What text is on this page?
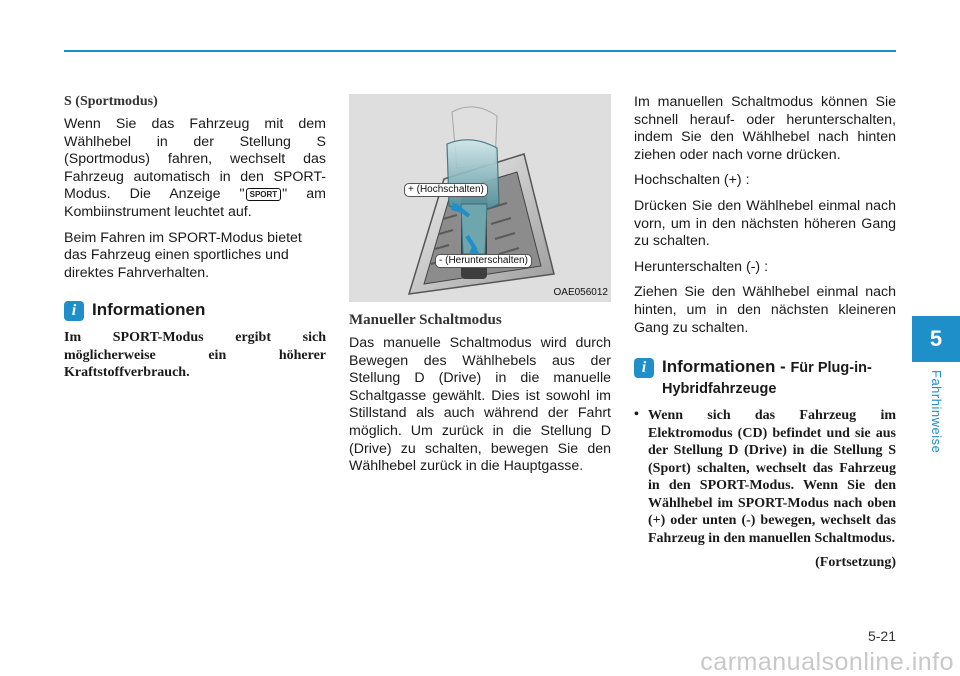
5
Fahrhinweise
S (Sportmodus)

Wenn Sie das Fahrzeug mit dem Wählhebel in der Stellung S (Sportmodus) fahren, wechselt das Fahrzeug automatisch in den SPORT-Modus. Die Anzeige " SPORT " am Kombiinstrument leuchtet auf.

Beim Fahren im SPORT-Modus bietet das Fahrzeug einen sportliches und direktes Fahrverhalten.

i Informationen
Im SPORT-Modus ergibt sich möglicherweise ein höherer Kraftstoffverbrauch.
+ (Hochschalten)
- (Herunterschalten)
OAE056012
Manueller Schaltmodus

Das manuelle Schaltmodus wird durch Bewegen des Wählhebels aus der Stellung D (Drive) in die manuelle Schaltgasse gewählt. Dies ist sowohl im Stillstand als auch während der Fahrt möglich. Um zurück in die Stellung D (Drive) zu schalten, bewegen Sie den Wählhebel zurück in die Hauptgasse.

Im manuellen Schaltmodus können Sie schnell herauf- oder herunterschalten, indem Sie den Wählhebel nach hinten ziehen oder nach vorne drücken.

Hochschalten (+) :

Drücken Sie den Wählhebel einmal nach vorn, um in den nächsten höheren Gang zu schalten.

Herunterschalten (-) :

Ziehen Sie den Wählhebel einmal nach hinten, um in den nächsten kleineren Gang zu schalten.

i Informationen - Für Plug-in-Hybridfahrzeuge
• Wenn sich das Fahrzeug im Elektromodus (CD) befindet und sie aus der Stellung D (Drive) in die Stellung S (Sport) schalten, wechselt das Fahrzeug in den SPORT-Modus. Wenn Sie den Wählhebel im SPORT-Modus nach oben (+) oder unten (-) bewegen, wechselt das Fahrzeug in den manuellen Schaltmodus.
(Fortsetzung)
5-21
carmanualsonline.info
